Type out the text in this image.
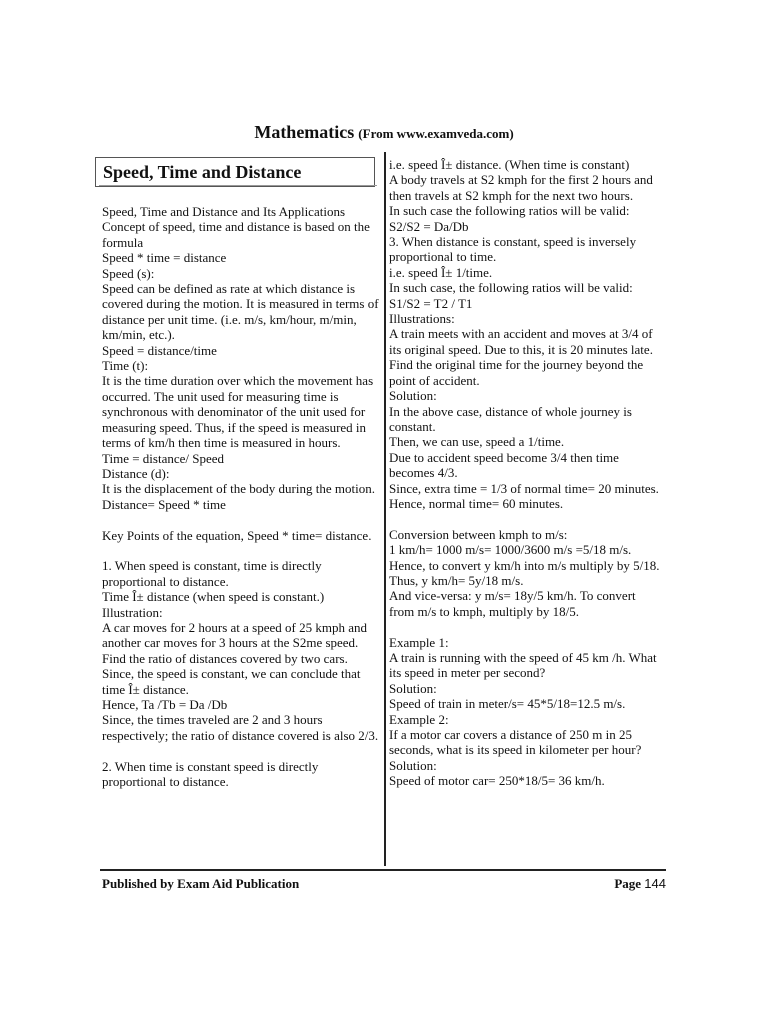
Mathematics (From www.examveda.com)
Speed, Time and Distance

Speed, Time and Distance and Its Applications

Concept of speed, time and distance is based on the formula

Speed * time = distance

Speed (s):

Speed can be defined as rate at which distance is covered during the motion. It is measured in terms of distance per unit time. (i.e. m/s, km/hour, m/min, km/min, etc.).

Speed = distance/time

Time (t):

It is the time duration over which the movement has occurred. The unit used for measuring time is synchronous with denominator of the unit used for measuring speed. Thus, if the speed is measured in terms of km/h then time is measured in hours.

Time = distance/ Speed

Distance (d):

It is the displacement of the body during the motion.

Distance= Speed * time

Key Points of the equation, Speed * time= distance.

1. When speed is constant, time is directly proportional to distance.

Time Î± distance (when speed is constant.)

Illustration:

A car moves for 2 hours at a speed of 25 kmph and another car moves for 3 hours at the S2me speed. Find the ratio of distances covered by two cars.

Since, the speed is constant, we can conclude that time Î± distance.

Hence, Ta /Tb = Da /Db

Since, the times traveled are 2 and 3 hours respectively; the ratio of distance covered is also 2/3.

2. When time is constant speed is directly proportional to distance.

i.e. speed Î± distance. (When time is constant)

A body travels at S2 kmph for the first 2 hours and then travels at S2 kmph for the next two hours.

In such case the following ratios will be valid:

S2/S2 = Da/Db

3. When distance is constant, speed is inversely proportional to time.

i.e. speed Î± 1/time.

In such case, the following ratios will be valid:

S1/S2 = T2 / T1

Illustrations:

A train meets with an accident and moves at 3/4 of its original speed. Due to this, it is 20 minutes late. Find the original time for the journey beyond the point of accident.

Solution:

In the above case, distance of whole journey is constant.

Then, we can use, speed a 1/time.

Due to accident speed become 3/4 then time becomes 4/3.

Since, extra time = 1/3 of normal time= 20 minutes.

Hence, normal time= 60 minutes.

Conversion between kmph to m/s:

1 km/h= 1000 m/s= 1000/3600 m/s =5/18 m/s.

Hence, to convert y km/h into m/s multiply by 5/18.

Thus, y km/h= 5y/18 m/s.

And vice-versa: y m/s= 18y/5 km/h. To convert from m/s to kmph, multiply by 18/5.

Example 1:

A train is running with the speed of 45 km /h. What its speed in meter per second?

Solution:

Speed of train in meter/s= 45*5/18=12.5 m/s.

Example 2:

If a motor car covers a distance of 250 m in 25 seconds, what is its speed in kilometer per hour?

Solution:

Speed of motor car= 250*18/5= 36 km/h.

Published by Exam Aid Publication	Page 144
